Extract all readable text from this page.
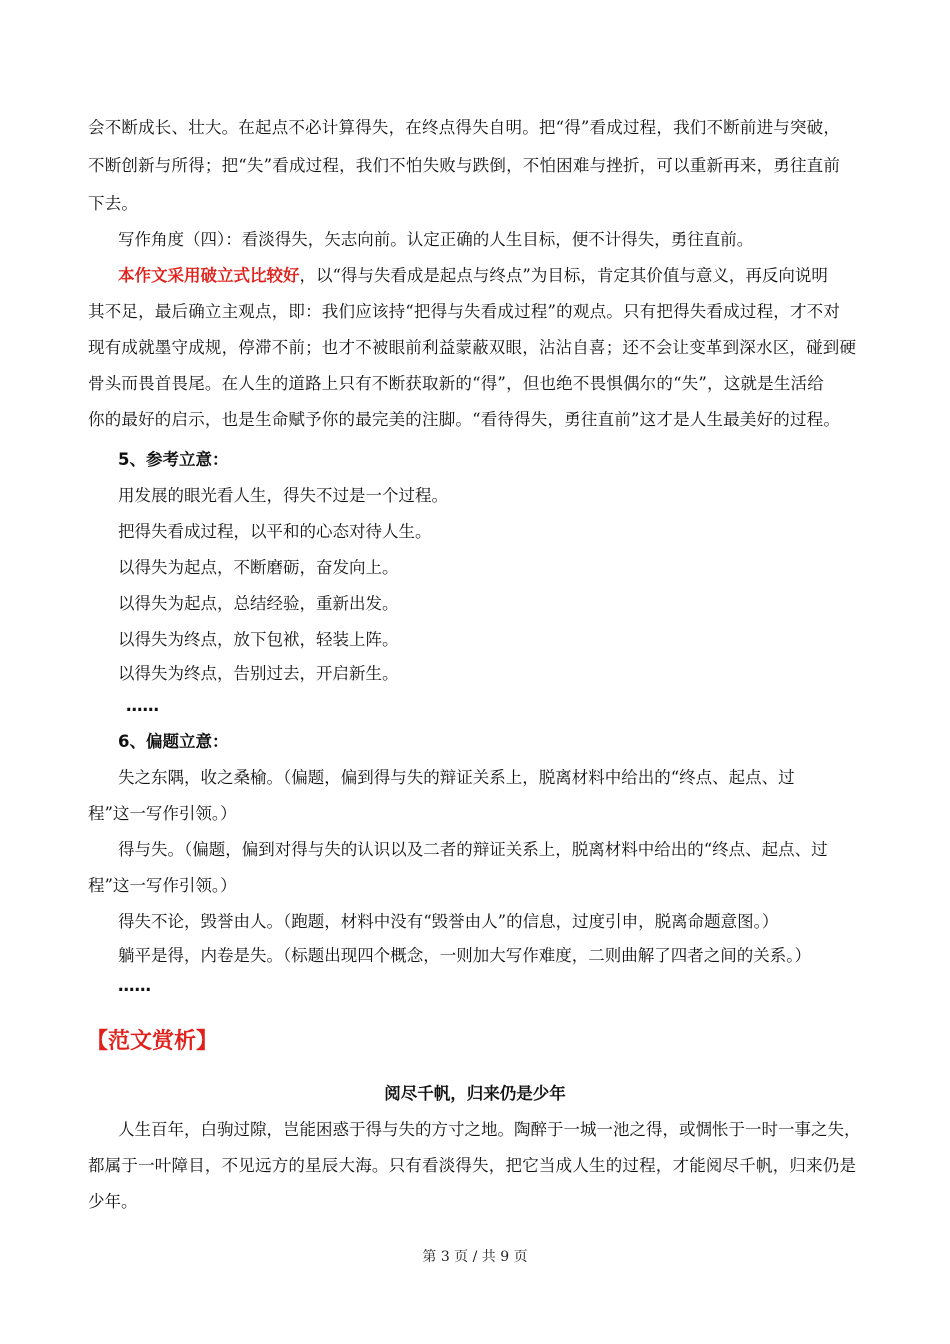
会不断成长、壮大。在起点不必计算得失，在终点得失自明。把“得”看成过程，我们不断前进与突破，
不断创新与所得；把“失”看成过程，我们不怕失败与跌倒，不怕困难与挫折，可以重新再来，勇往直前
下去。
写作角度（四）：看淡得失，矢志向前。认定正确的人生目标，便不计得失，勇往直前。
本作文采用破立式比较好，以“得与失看成是起点与终点”为目标，肯定其价值与意义，再反向说明
其不足，最后确立主观点，即：我们应该持“把得与失看成过程”的观点。只有把得失看成过程，才不对
现有成就墨守成规，停滞不前；也才不被眼前利益蒙蔽双眼，沾沾自喜；还不会让变革到深水区，碰到硬
骨头而畏首畏尾。在人生的道路上只有不断获取新的“得”，但也绝不畏惧偶尔的“失”，这就是生活给
你的最好的启示，也是生命赋予你的最完美的注脚。“看待得失，勇往直前”这才是人生最美好的过程。
5、参考立意：
用发展的眼光看人生，得失不过是一个过程。
把得失看成过程，以平和的心态对待人生。
以得失为起点，不断磨砺，奋发向上。
以得失为起点，总结经验，重新出发。
以得失为终点，放下包袱，轻装上阵。
以得失为终点，告别过去，开启新生。
……
6、偏题立意：
失之东隅，收之桑榆。（偏题，偏到得与失的辩证关系上，脱离材料中给出的“终点、起点、过
程”这一写作引领。）
得与失。（偏题，偏到对得与失的认识以及二者的辩证关系上，脱离材料中给出的“终点、起点、过
程”这一写作引领。）
得失不论，毁誉由人。（跑题，材料中没有“毁誉由人”的信息，过度引申，脱离命题意图。）
躺平是得，内卷是失。（标题出现四个概念，一则加大写作难度，二则曲解了四者之间的关系。）
……
【范文赏析】
阅尽千帆，归来仍是少年
人生百年，白驹过隙，岂能困惑于得与失的方寸之地。陶醉于一城一池之得，或惆怅于一时一事之失，
都属于一叶障目，不见远方的星辰大海。只有看淡得失，把它当成人生的过程，才能阅尽千帆，归来仍是
少年。
第 3 页 / 共 9 页
